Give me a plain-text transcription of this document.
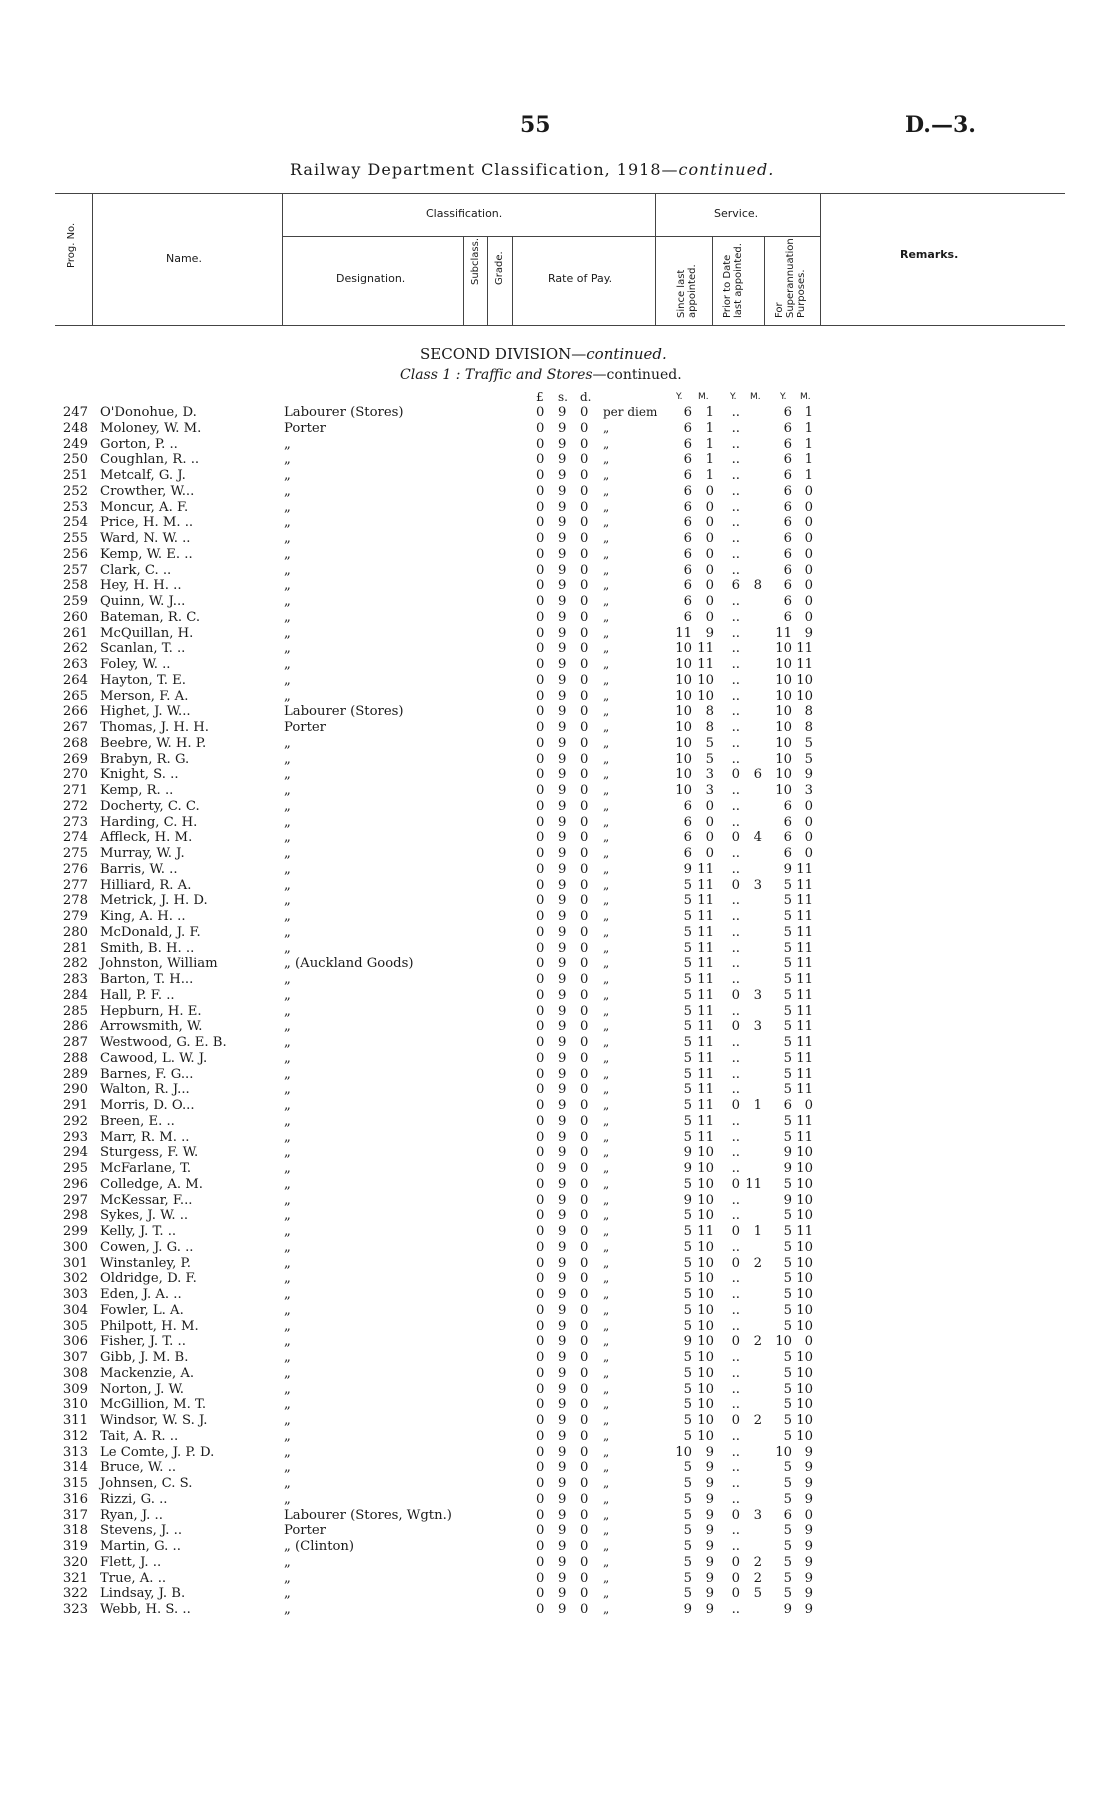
55	D.—3.
Railway Department Classification, 1918—continued.
Prog. No.	Name.
Classification.
Designation.	Subclass. Grade.	Rate of Pay.
Service.
Since last appointed. Prior to Date last appointed.	For Superannuation Purposes.
Remarks.
SECOND DIVISION—continued.
Class 1 : Traffic and Stores—continued.
£ s. d.	Y. M. Y. M. Y. M.
247 O'Donohue, D.	Labourer (Stores)	0 9 0 per diem	6	1	..	6 1
248 Moloney, W. M.	Porter	0 9 0 „	6	1	..	6 1
249 Gorton, P. ..	„	0 9 0 „	6	1	..	6 1
250 Coughlan, R. ..	„	0 9 0 „	6	1	..	6 1
251 Metcalf, G. J.	„	0 9 0 „	6	1	..	6 1
252 Crowther, W...	„	0 9 0 „	6	0	..	6 0
253 Moncur, A. F.	„	0 9 0 „	6	0	..	6 0
254 Price, H. M. ..	„	0 9 0 „	6	0	..	6 0
255 Ward, N. W. ..	„	0 9 0 „	6	0	..	6 0
256 Kemp, W. E. ..	„	0 9 0 „	6	0	..	6 0
257 Clark, C. ..	„	0 9 0 „	6	0	..	6 0
258 Hey, H. H. ..	„	0 9 0 „	6	0	6	8	6 0
259 Quinn, W. J...	„	0 9 0 „	6	0	..	6 0
260 Bateman, R. C.	„	0 9 0 „	6	0	..	6 0
261 McQuillan, H.	„	0 9 0 „	11	9	..	11 9
262 Scanlan, T. ..	„	0 9 0 „	10 11	..	10 11
263 Foley, W. ..	„	0 9 0 „	10 11	..	10 11
264 Hayton, T. E.	„	0 9 0 „	10 10	..	10 10
265 Merson, F. A.	„	0 9 0 „	10 10	..	10 10
266 Highet, J. W...	Labourer (Stores)	0 9 0 „	10	8	..	10 8
267 Thomas, J. H. H.	Porter	0 9 0 „	10	8	..	10 8
268 Beebre, W. H. P.	„	0 9 0 „	10	5	..	10 5
269 Brabyn, R. G.	„	0 9 0 „	10	5	..	10 5
270 Knight, S. ..	„	0 9 0 „	10	3	0	6	10 9
271 Kemp, R. ..	„	0 9 0 „	10	3	..	10 3
272 Docherty, C. C.	„	0 9 0 „	6	0	..	6 0
273 Harding, C. H.	„	0 9 0 „	6	0	..	6 0
274 Affleck, H. M.	„	0 9 0 „	6	0	0	4	6 0
275 Murray, W. J.	„	0 9 0 „	6	0	..	6 0
276 Barris, W. ..	„	0 9 0 „	9 11	..	9 11
277 Hilliard, R. A.	„	0 9 0 „	5 11	0	3	5 11
278 Metrick, J. H. D.	„	0 9 0 „	5 11	..	5 11
279 King, A. H. ..	„	0 9 0 „	5 11	..	5 11
280 McDonald, J. F.	„	0 9 0 „	5 11	..	5 11
281 Smith, B. H. ..	„	0 9 0 „	5 11	..	5 11
282 Johnston, William	„ (Auckland Goods)	0 9 0 „	5 11	..	5 11
283 Barton, T. H...	„	0 9 0 „	5 11	..	5 11
284 Hall, P. F. ..	„	0 9 0 „	5 11	0	3	5 11
285 Hepburn, H. E.	„	0 9 0 „	5 11	..	5 11
286 Arrowsmith, W.	„	0 9 0 „	5 11	0	3	5 11
287 Westwood, G. E. B.	„	0 9 0 „	5 11	..	5 11
288 Cawood, L. W. J.	„	0 9 0 „	5 11	..	5 11
289 Barnes, F. G...	„	0 9 0 „	5 11	..	5 11
290 Walton, R. J...	„	0 9 0 „	5 11	..	5 11
291 Morris, D. O...	„	0 9 0 „	5 11	0	1	6 0
292 Breen, E. ..	„	0 9 0 „	5 11	..	5 11
293 Marr, R. M. ..	„	0 9 0 „	5 11	..	5 11
294 Sturgess, F. W.	„	0 9 0 „	9 10	..	9 10
295 McFarlane, T.	„	0 9 0 „	9 10	..	9 10
296 Colledge, A. M.	„	0 9 0 „	5 10	0 11	5 10
297 McKessar, F...	„	0 9 0 „	9 10	..	9 10
298 Sykes, J. W. ..	„	0 9 0 „	5 10	..	5 10
299 Kelly, J. T. ..	„	0 9 0 „	5 11	0	1	5 11
300 Cowen, J. G. ..	„	0 9 0 „	5 10	..	5 10
301 Winstanley, P.	„	0 9 0 „	5 10	0	2	5 10
302 Oldridge, D. F.	„	0 9 0 „	5 10	..	5 10
303 Eden, J. A. ..	„	0 9 0 „	5 10	..	5 10
304 Fowler, L. A.	„	0 9 0 „	5 10	..	5 10
305 Philpott, H. M.	„	0 9 0 „	5 10	..	5 10
306 Fisher, J. T. ..	„	0 9 0 „	9 10	0	2	10 0
307 Gibb, J. M. B.	„	0 9 0 „	5 10	..	5 10
308 Mackenzie, A.	„	0 9 0 „	5 10	..	5 10
309 Norton, J. W.	„	0 9 0 „	5 10	..	5 10
310 McGillion, M. T.	„	0 9 0 „	5 10	..	5 10
311 Windsor, W. S. J.	„	0 9 0 „	5 10	0	2	5 10
312 Tait, A. R. ..	„	0 9 0 „	5 10	..	5 10
313 Le Comte, J. P. D.	„	0 9 0 „	10	9	..	10 9
314 Bruce, W. ..	„	0 9 0 „	5	9	..	5 9
315 Johnsen, C. S.	„	0 9 0 „	5	9	..	5 9
316 Rizzi, G. ..	„	0 9 0 „	5	9	..	5 9
317 Ryan, J. ..	Labourer (Stores, Wgtn.)	0 9 0 „	5	9	0	3	6 0
318 Stevens, J. ..	Porter	0 9 0 „	5	9	..	5 9
319 Martin, G. ..	„ (Clinton)	0 9 0 „	5	9	..	5 9
320 Flett, J. ..	„	0 9 0 „	5	9	0	2	5 9
321 True, A. ..	„	0 9 0 „	5	9	0	2	5 9
322 Lindsay, J. B.	„	0 9 0 „	5	9	0	5	5 9
323 Webb, H. S. ..	„	0 9 0 „	9	9	..	9 9
